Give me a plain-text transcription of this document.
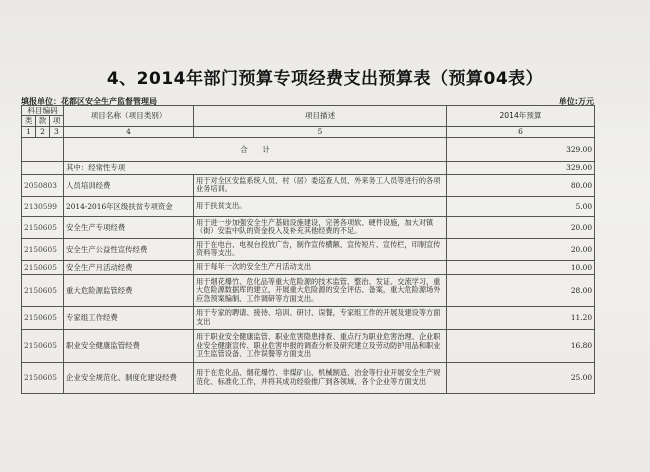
4、2014年部门预算专项经费支出预算表（预算04表）
填报单位：花都区安全生产监督管理局	单位:万元
科目编码			项目名称（项目类别）	项目描述	2014年预算
类	款	项			
1	2	3	4	5	6
			合　　计		329.00
			其中：经常性专项		329.00
2050803			人员培训经费	用于对全区安监系统人员、村（居）委巡查人员、外来务工人员等进行的各项业务培训。	80.00
2130599			2014-2016年区级扶贫专项资金	用于扶贫支出。	5.00
2150605			安全生产专项经费	用于进一步加强安全生产基础设施建设，完善各项软、硬件设施，加大对镇（街）安监中队的资金投入及补充其他经费的不足。	20.00
2150605			安全生产公益性宣传经费	用于在电台、电视台投放广告，制作宣传横额、宣传短片、宣传栏，印制宣传资料等支出。	20.00
2150605			安全生产月活动经费	用于每年一次的安全生产月活动支出	10.00
2150605			重大危险源监管经费	用于烟花爆竹、危化品等重大危险源的技术监管、整治、发证、交流学习，重大危险源数据库的建立，开展重大危险源的安全评估、备案，重大危险源场外应急预案编制、工作调研等方面支出。	28.00
2150605			专家组工作经费	用于专家的聘请、接待、培训、研讨、误餐，专家组工作的开展及建设等方面支出	11.20
2150605			职业安全健康监管经费	用于职业安全健康监管、职业危害隐患排查、重点行为职业危害治理、企业职业安全健康宣传、职业危害申报的调查分析及研究建立及劳动防护用品和职业卫生监管设备、工作误餐等方面支出	16.80
2150605			企业安全规范化、制度化建设经费	用于在危化品、烟花爆竹、非煤矿山、机械制造、冶金等行业开展安全生产规范化、标准化工作，并将其成功经验推广到各领域、各个企业等方面支出	25.00
